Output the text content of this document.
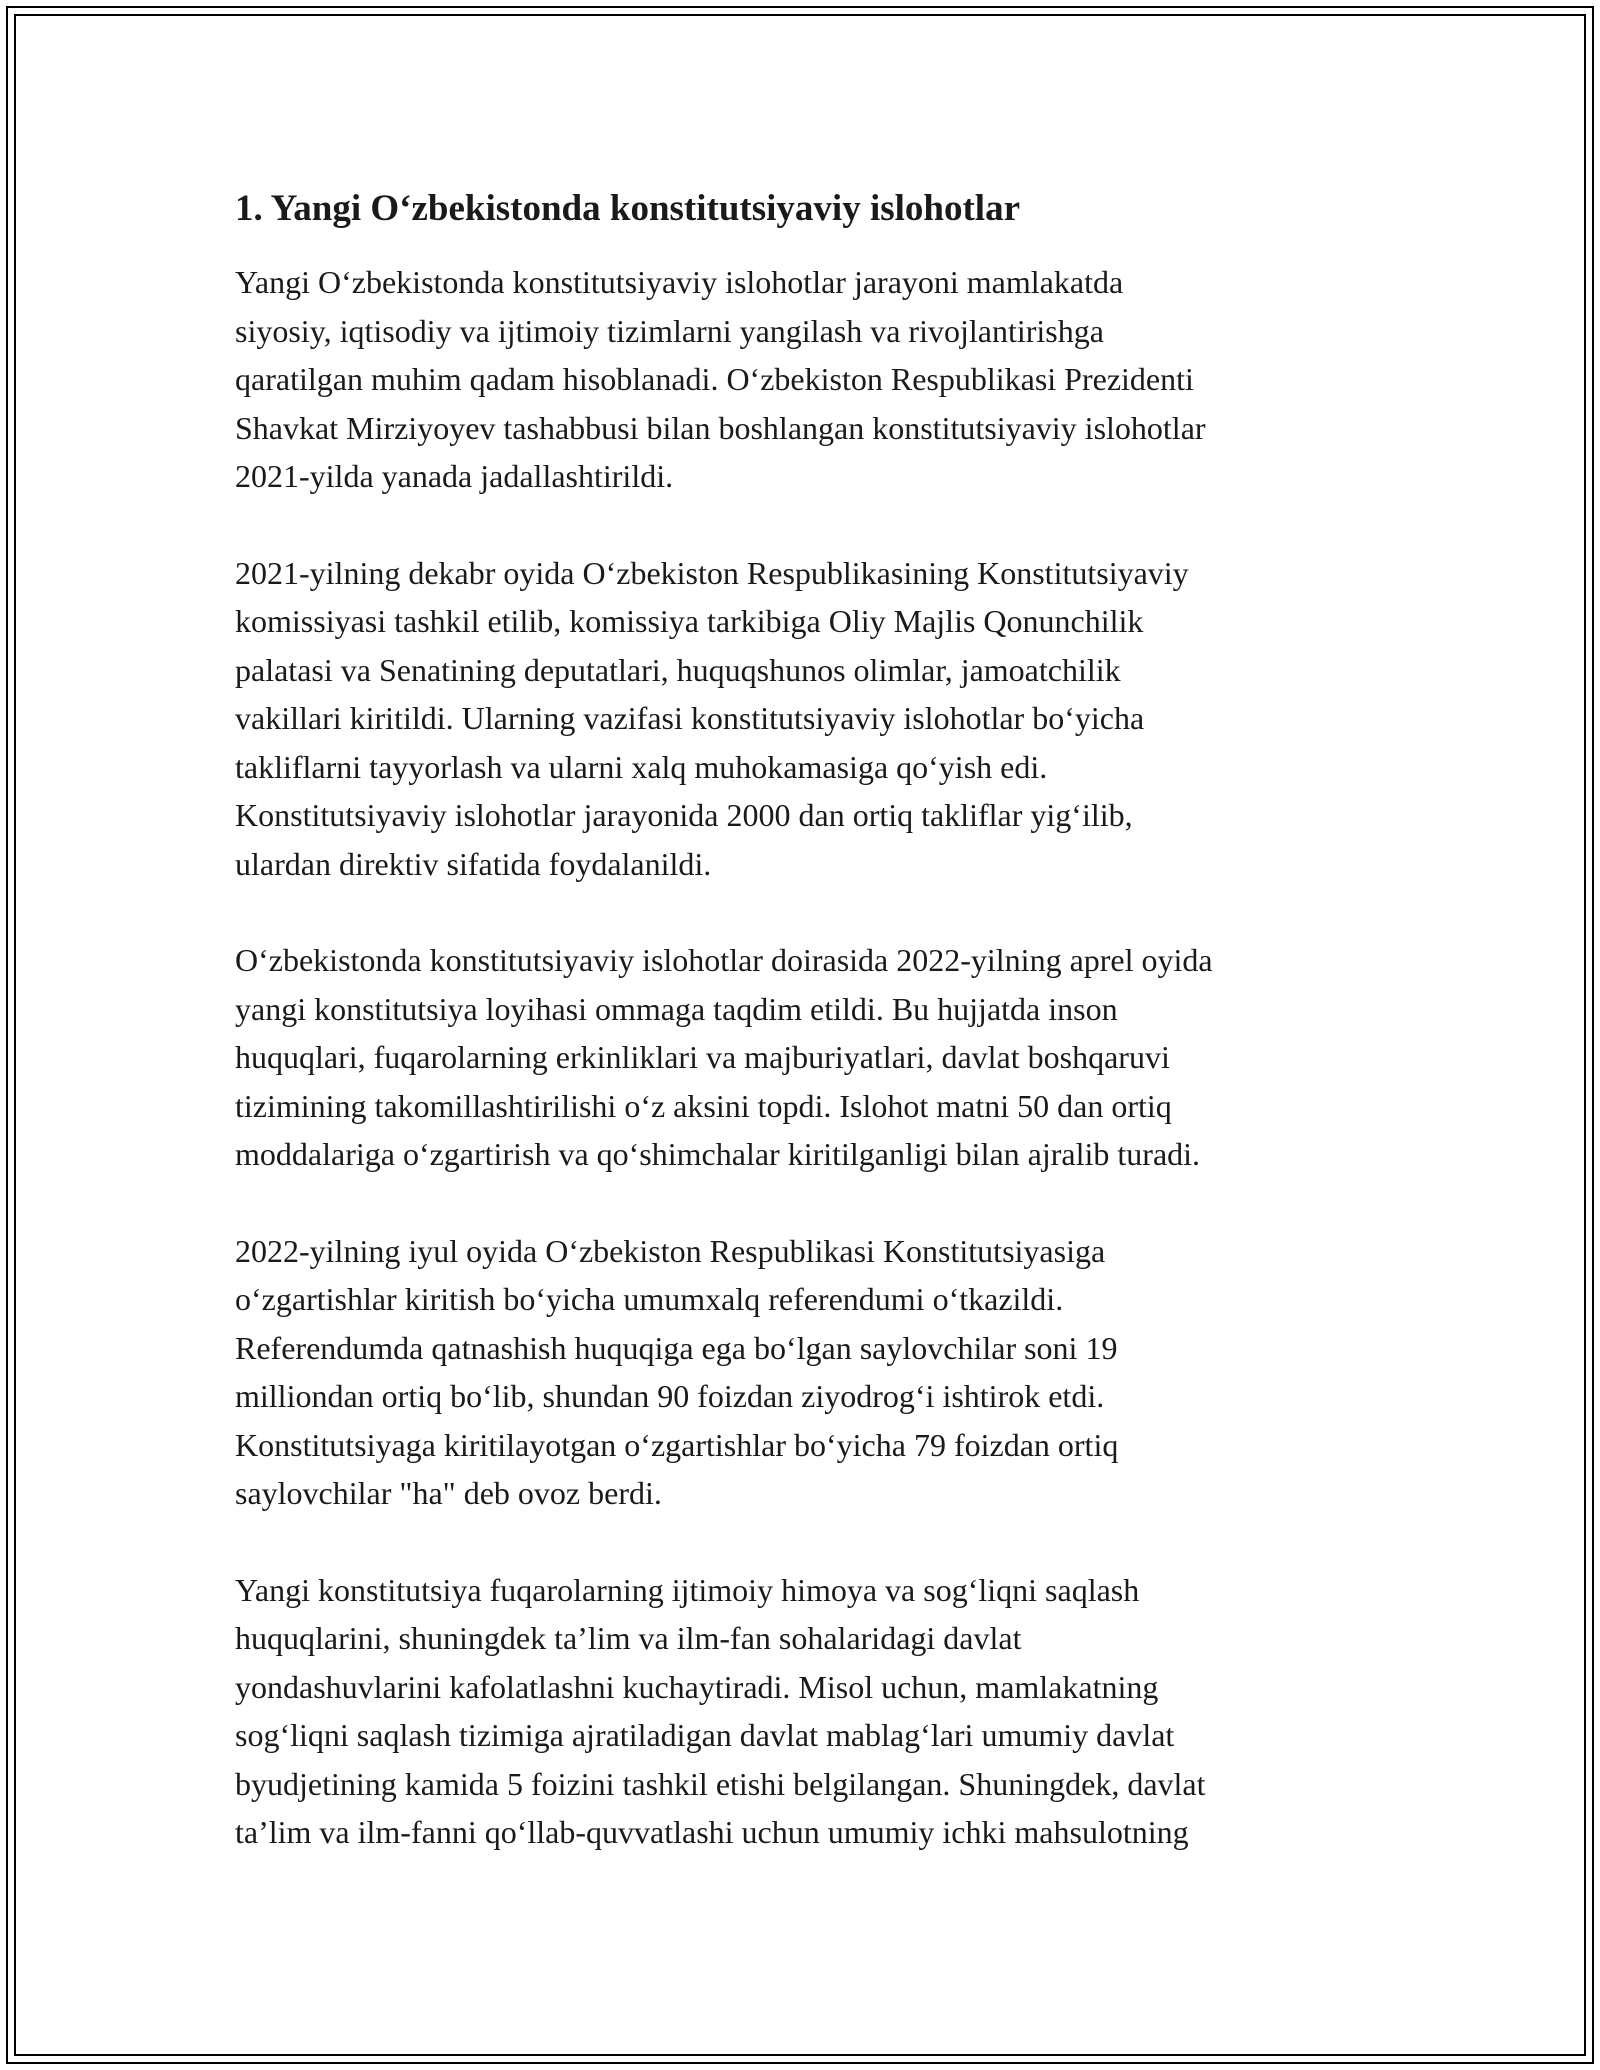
1. Yangi O‘zbekistonda konstitutsiyaviy islohotlar

Yangi O‘zbekistonda konstitutsiyaviy islohotlar jarayoni mamlakatda
siyosiy, iqtisodiy va ijtimoiy tizimlarni yangilash va rivojlantirishga
qaratilgan muhim qadam hisoblanadi. O‘zbekiston Respublikasi Prezidenti
Shavkat Mirziyoyev tashabbusi bilan boshlangan konstitutsiyaviy islohotlar
2021-yilda yanada jadallashtirildi.

2021-yilning dekabr oyida O‘zbekiston Respublikasining Konstitutsiyaviy
komissiyasi tashkil etilib, komissiya tarkibiga Oliy Majlis Qonunchilik
palatasi va Senatining deputatlari, huquqshunos olimlar, jamoatchilik
vakillari kiritildi. Ularning vazifasi konstitutsiyaviy islohotlar bo‘yicha
takliflarni tayyorlash va ularni xalq muhokamasiga qo‘yish edi.
Konstitutsiyaviy islohotlar jarayonida 2000 dan ortiq takliflar yig‘ilib,
ulardan direktiv sifatida foydalanildi.

O‘zbekistonda konstitutsiyaviy islohotlar doirasida 2022-yilning aprel oyida
yangi konstitutsiya loyihasi ommaga taqdim etildi. Bu hujjatda inson
huquqlari, fuqarolarning erkinliklari va majburiyatlari, davlat boshqaruvi
tizimining takomillashtirilishi o‘z aksini topdi. Islohot matni 50 dan ortiq
moddalariga o‘zgartirish va qo‘shimchalar kiritilganligi bilan ajralib turadi.

2022-yilning iyul oyida O‘zbekiston Respublikasi Konstitutsiyasiga
o‘zgartishlar kiritish bo‘yicha umumxalq referendumi o‘tkazildi.
Referendumda qatnashish huquqiga ega bo‘lgan saylovchilar soni 19
milliondan ortiq bo‘lib, shundan 90 foizdan ziyodrog‘i ishtirok etdi.
Konstitutsiyaga kiritilayotgan o‘zgartishlar bo‘yicha 79 foizdan ortiq
saylovchilar "ha" deb ovoz berdi.

Yangi konstitutsiya fuqarolarning ijtimoiy himoya va sog‘liqni saqlash
huquqlarini, shuningdek ta’lim va ilm-fan sohalaridagi davlat
yondashuvlarini kafolatlashni kuchaytiradi. Misol uchun, mamlakatning
sog‘liqni saqlash tizimiga ajratiladigan davlat mablag‘lari umumiy davlat
byudjetining kamida 5 foizini tashkil etishi belgilangan. Shuningdek, davlat
ta’lim va ilm-fanni qo‘llab-quvvatlashi uchun umumiy ichki mahsulotning
